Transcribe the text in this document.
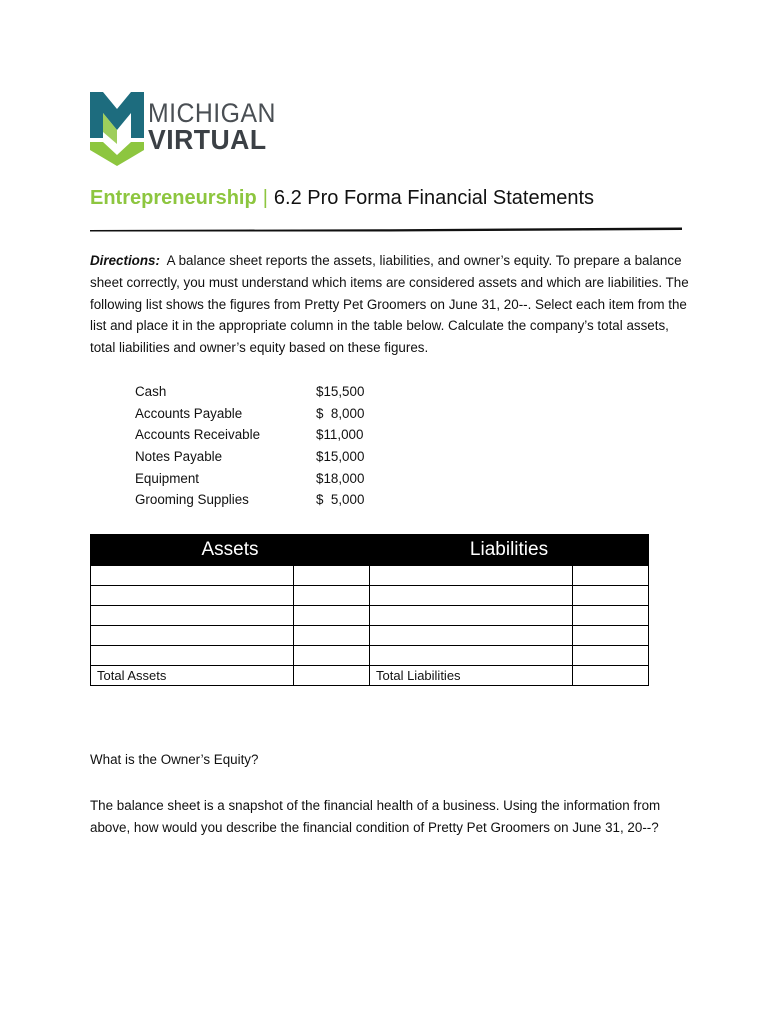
MICHIGAN
VIRTUAL
Entrepreneurship | 6.2 Pro Forma Financial Statements
Directions: A balance sheet reports the assets, liabilities, and owner’s equity. To prepare a balance sheet correctly, you must understand which items are considered assets and which are liabilities. The following list shows the figures from Pretty Pet Groomers on June 31, 20--. Select each item from the list and place it in the appropriate column in the table below. Calculate the company’s total assets, total liabilities and owner’s equity based on these figures.
Cash	$15,500
Accounts Payable	$  8,000
Accounts Receivable	$11,000
Notes Payable	$15,000
Equipment	$18,000
Grooming Supplies	$  5,000
Assets		Liabilities	

Total Assets		Total Liabilities	
What is the Owner’s Equity?
The balance sheet is a snapshot of the financial health of a business. Using the information from above, how would you describe the financial condition of Pretty Pet Groomers on June 31, 20--?
